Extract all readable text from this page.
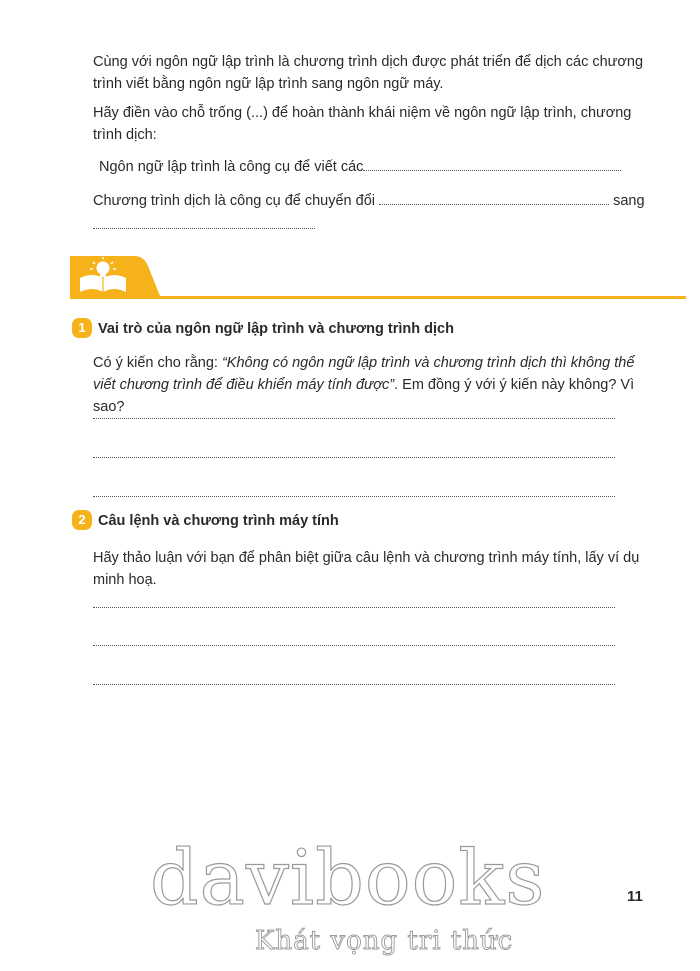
Cùng với ngôn ngữ lập trình là chương trình dịch được phát triển để dịch các chương trình viết bằng ngôn ngữ lập trình sang ngôn ngữ máy.

Hãy điền vào chỗ trống (...) để hoàn thành khái niệm về ngôn ngữ lập trình, chương trình dịch:

Ngôn ngữ lập trình là công cụ để viết các
Chương trình dịch là công cụ để chuyển đổi	sang
1 Vai trò của ngôn ngữ lập trình và chương trình dịch

Có ý kiến cho rằng: “Không có ngôn ngữ lập trình và chương trình dịch thì không thể viết chương trình để điều khiển máy tính được”. Em đồng ý với ý kiến này không? Vì sao?

2 Câu lệnh và chương trình máy tính

Hãy thảo luận với bạn để phân biệt giữa câu lệnh và chương trình máy tính, lấy ví dụ minh hoạ.

11
davibooks
Khát vọng tri thức
